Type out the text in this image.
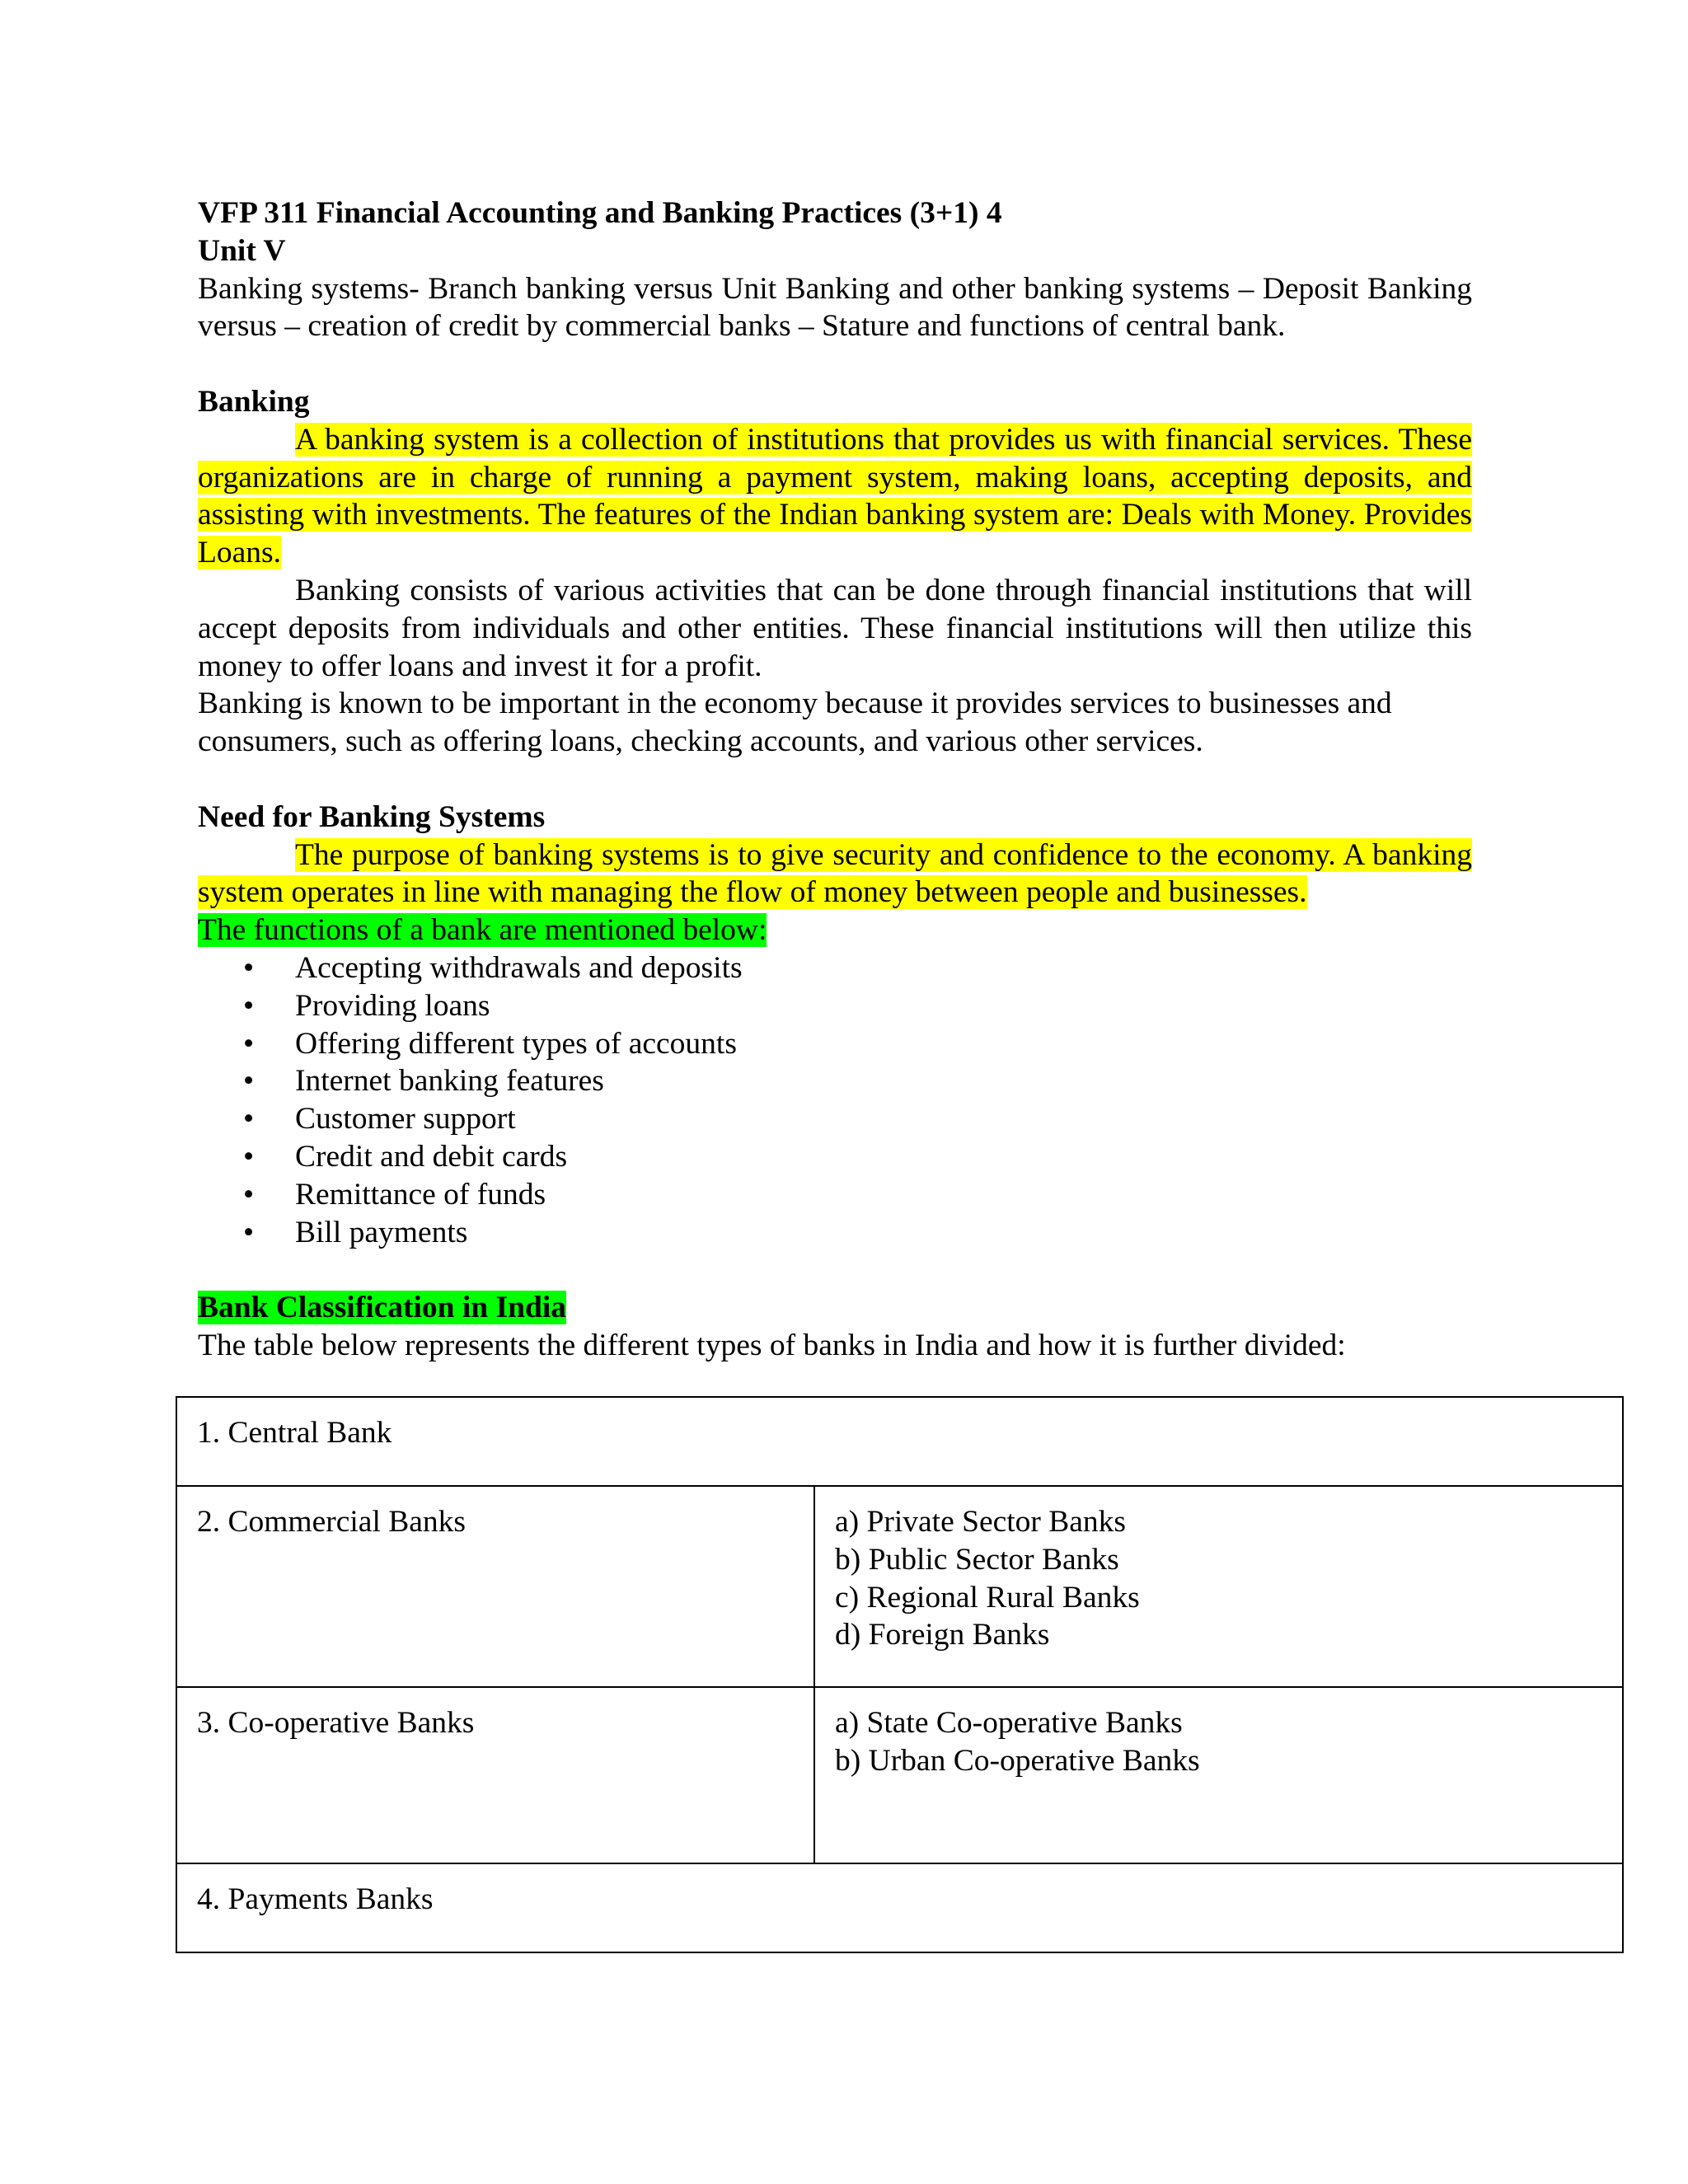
VFP 311 Financial Accounting and Banking Practices (3+1) 4
Unit V
Banking systems- Branch banking versus Unit Banking and other banking systems – Deposit Banking versus – creation of credit by commercial banks – Stature and functions of central bank.
Banking
A banking system is a collection of institutions that provides us with financial services. These organizations are in charge of running a payment system, making loans, accepting deposits, and assisting with investments. The features of the Indian banking system are: Deals with Money. Provides Loans.
Banking consists of various activities that can be done through financial institutions that will accept deposits from individuals and other entities. These financial institutions will then utilize this money to offer loans and invest it for a profit.
Banking is known to be important in the economy because it provides services to businesses and consumers, such as offering loans, checking accounts, and various other services.
Need for Banking Systems
The purpose of banking systems is to give security and confidence to the economy. A banking system operates in line with managing the flow of money between people and businesses.
The functions of a bank are mentioned below:
• Accepting withdrawals and deposits
• Providing loans
• Offering different types of accounts
• Internet banking features
• Customer support
• Credit and debit cards
• Remittance of funds
• Bill payments
Bank Classification in India
The table below represents the different types of banks in India and how it is further divided:
1. Central Bank	
2. Commercial Banks	a) Private Sector Banks
b) Public Sector Banks
c) Regional Rural Banks
d) Foreign Banks

3. Co-operative Banks	a) State Co-operative Banks
b) Urban Co-operative Banks

4. Payments Banks	
